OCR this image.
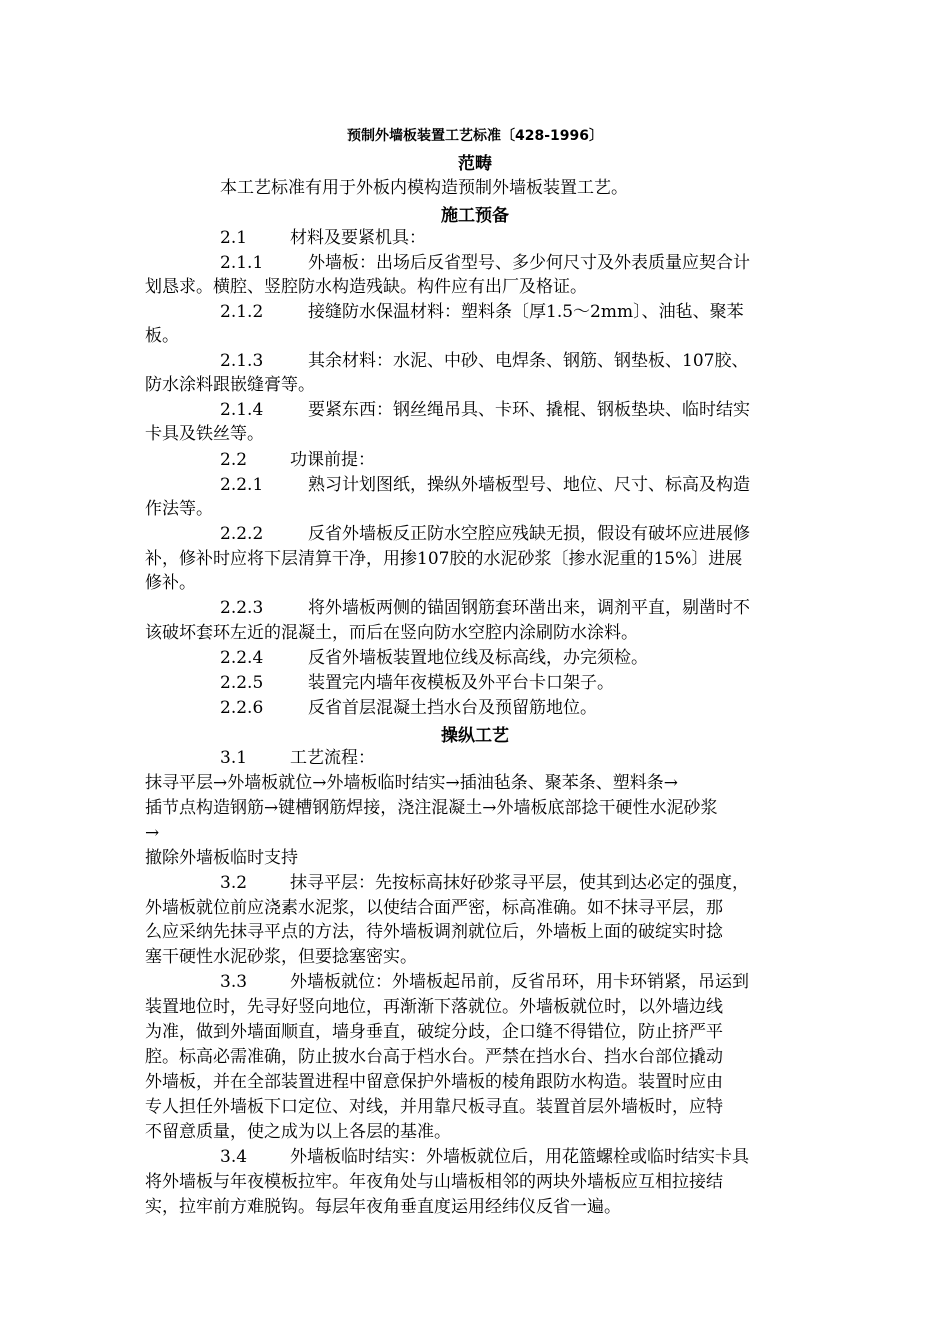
预制外墙板装置工艺标准〔428-1996〕
范畴
本工艺标准有用于外板内模构造预制外墙板装置工艺。
施工预备
2.1	材料及要紧机具：
2.1.1	外墙板：出场后反省型号、多少何尺寸及外表质量应契合计
划恳求。横腔、竖腔防水构造残缺。构件应有出厂及格证。
2.1.2	接缝防水保温材料：塑料条〔厚1.5～2mm〕、油毡、聚苯
板。
2.1.3	其余材料：水泥、中砂、电焊条、钢筋、钢垫板、107胶、
防水涂料跟嵌缝膏等。
2.1.4	要紧东西：钢丝绳吊具、卡环、撬棍、钢板垫块、临时结实
卡具及铁丝等。
2.2	功课前提：
2.2.1	熟习计划图纸，操纵外墙板型号、地位、尺寸、标高及构造
作法等。
2.2.2	反省外墙板反正防水空腔应残缺无损，假设有破坏应进展修
补，修补时应将下层清算干净，用掺107胶的水泥砂浆〔掺水泥重的15%〕进展
修补。
2.2.3	将外墙板两侧的锚固钢筋套环凿出来，调剂平直，剔凿时不
该破坏套环左近的混凝土，而后在竖向防水空腔内涂刷防水涂料。
2.2.4	反省外墙板装置地位线及标高线，办完须检。
2.2.5	装置完内墙年夜模板及外平台卡口架子。
2.2.6	反省首层混凝土挡水台及预留筋地位。
操纵工艺
3.1	工艺流程：
抹寻平层→外墙板就位→外墙板临时结实→插油毡条、聚苯条、塑料条→
插节点构造钢筋→键槽钢筋焊接，浇注混凝土→外墙板底部捻干硬性水泥砂浆
→
撤除外墙板临时支持
3.2	抹寻平层：先按标高抹好砂浆寻平层，使其到达必定的强度，
外墙板就位前应浇素水泥浆，以使结合面严密，标高准确。如不抹寻平层，那
么应采纳先抹寻平点的方法，待外墙板调剂就位后，外墙板上面的破绽实时捻
塞干硬性水泥砂浆，但要捻塞密实。
3.3	外墙板就位：外墙板起吊前，反省吊环，用卡环销紧，吊运到
装置地位时，先寻好竖向地位，再渐渐下落就位。外墙板就位时，以外墙边线
为准，做到外墙面顺直，墙身垂直，破绽分歧，企口缝不得错位，防止挤严平
腔。标高必需准确，防止披水台高于档水台。严禁在挡水台、挡水台部位撬动
外墙板，并在全部装置进程中留意保护外墙板的棱角跟防水构造。装置时应由
专人担任外墙板下口定位、对线，并用靠尺板寻直。装置首层外墙板时，应特
不留意质量，使之成为以上各层的基准。
3.4	外墙板临时结实：外墙板就位后，用花篮螺栓或临时结实卡具
将外墙板与年夜模板拉牢。年夜角处与山墙板相邻的两块外墙板应互相拉接结
实，拉牢前方难脱钩。每层年夜角垂直度运用经纬仪反省一遍。
